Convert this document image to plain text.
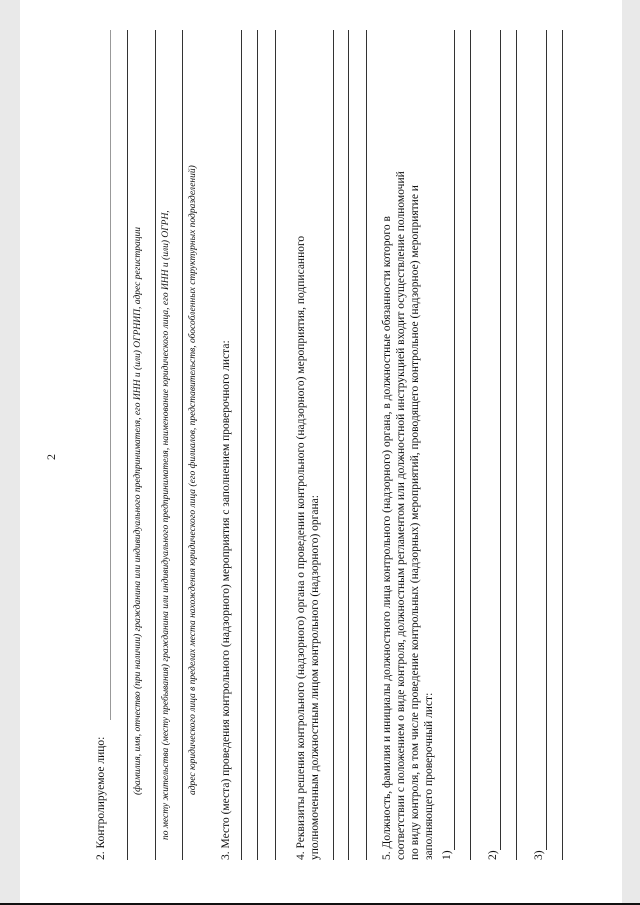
2
2. Контролируемое лицо:
(фамилия, имя, отчество (при наличии) гражданина или индивидуального предпринимателя, его ИНН и (или) ОГРНИП, адрес регистрации по месту жительства (месту пребывания) гражданина или индивидуального предпринимателя, наименование юридического лица, его ИНН и (или) ОГРН, адрес юридического лица в пределах места нахождения юридического лица (его филиалов, представительств, обособленных структурных подразделений) 3. Место (места) проведения контрольного (надзорного) мероприятия с заполнением проверочного листа:	4. Реквизиты решения контрольного (надзорного) органа о проведении контрольного (надзорного) мероприятия, подписанного уполномоченным должностным лицом контрольного (надзорного) органа:	5. Должность, фамилия и инициалы должностного лица контрольного (надзорного) органа, в должностные обязанности которого в соответствии с положением о виде контроля, должностным регламентом или должностной инструкцией входит осуществление полномочий по виду контроля, в том числе проведение контрольных (надзорных) мероприятий, проводящего контрольное (надзорное) мероприятие и заполняющего проверочный лист: 1)	2)	3)
